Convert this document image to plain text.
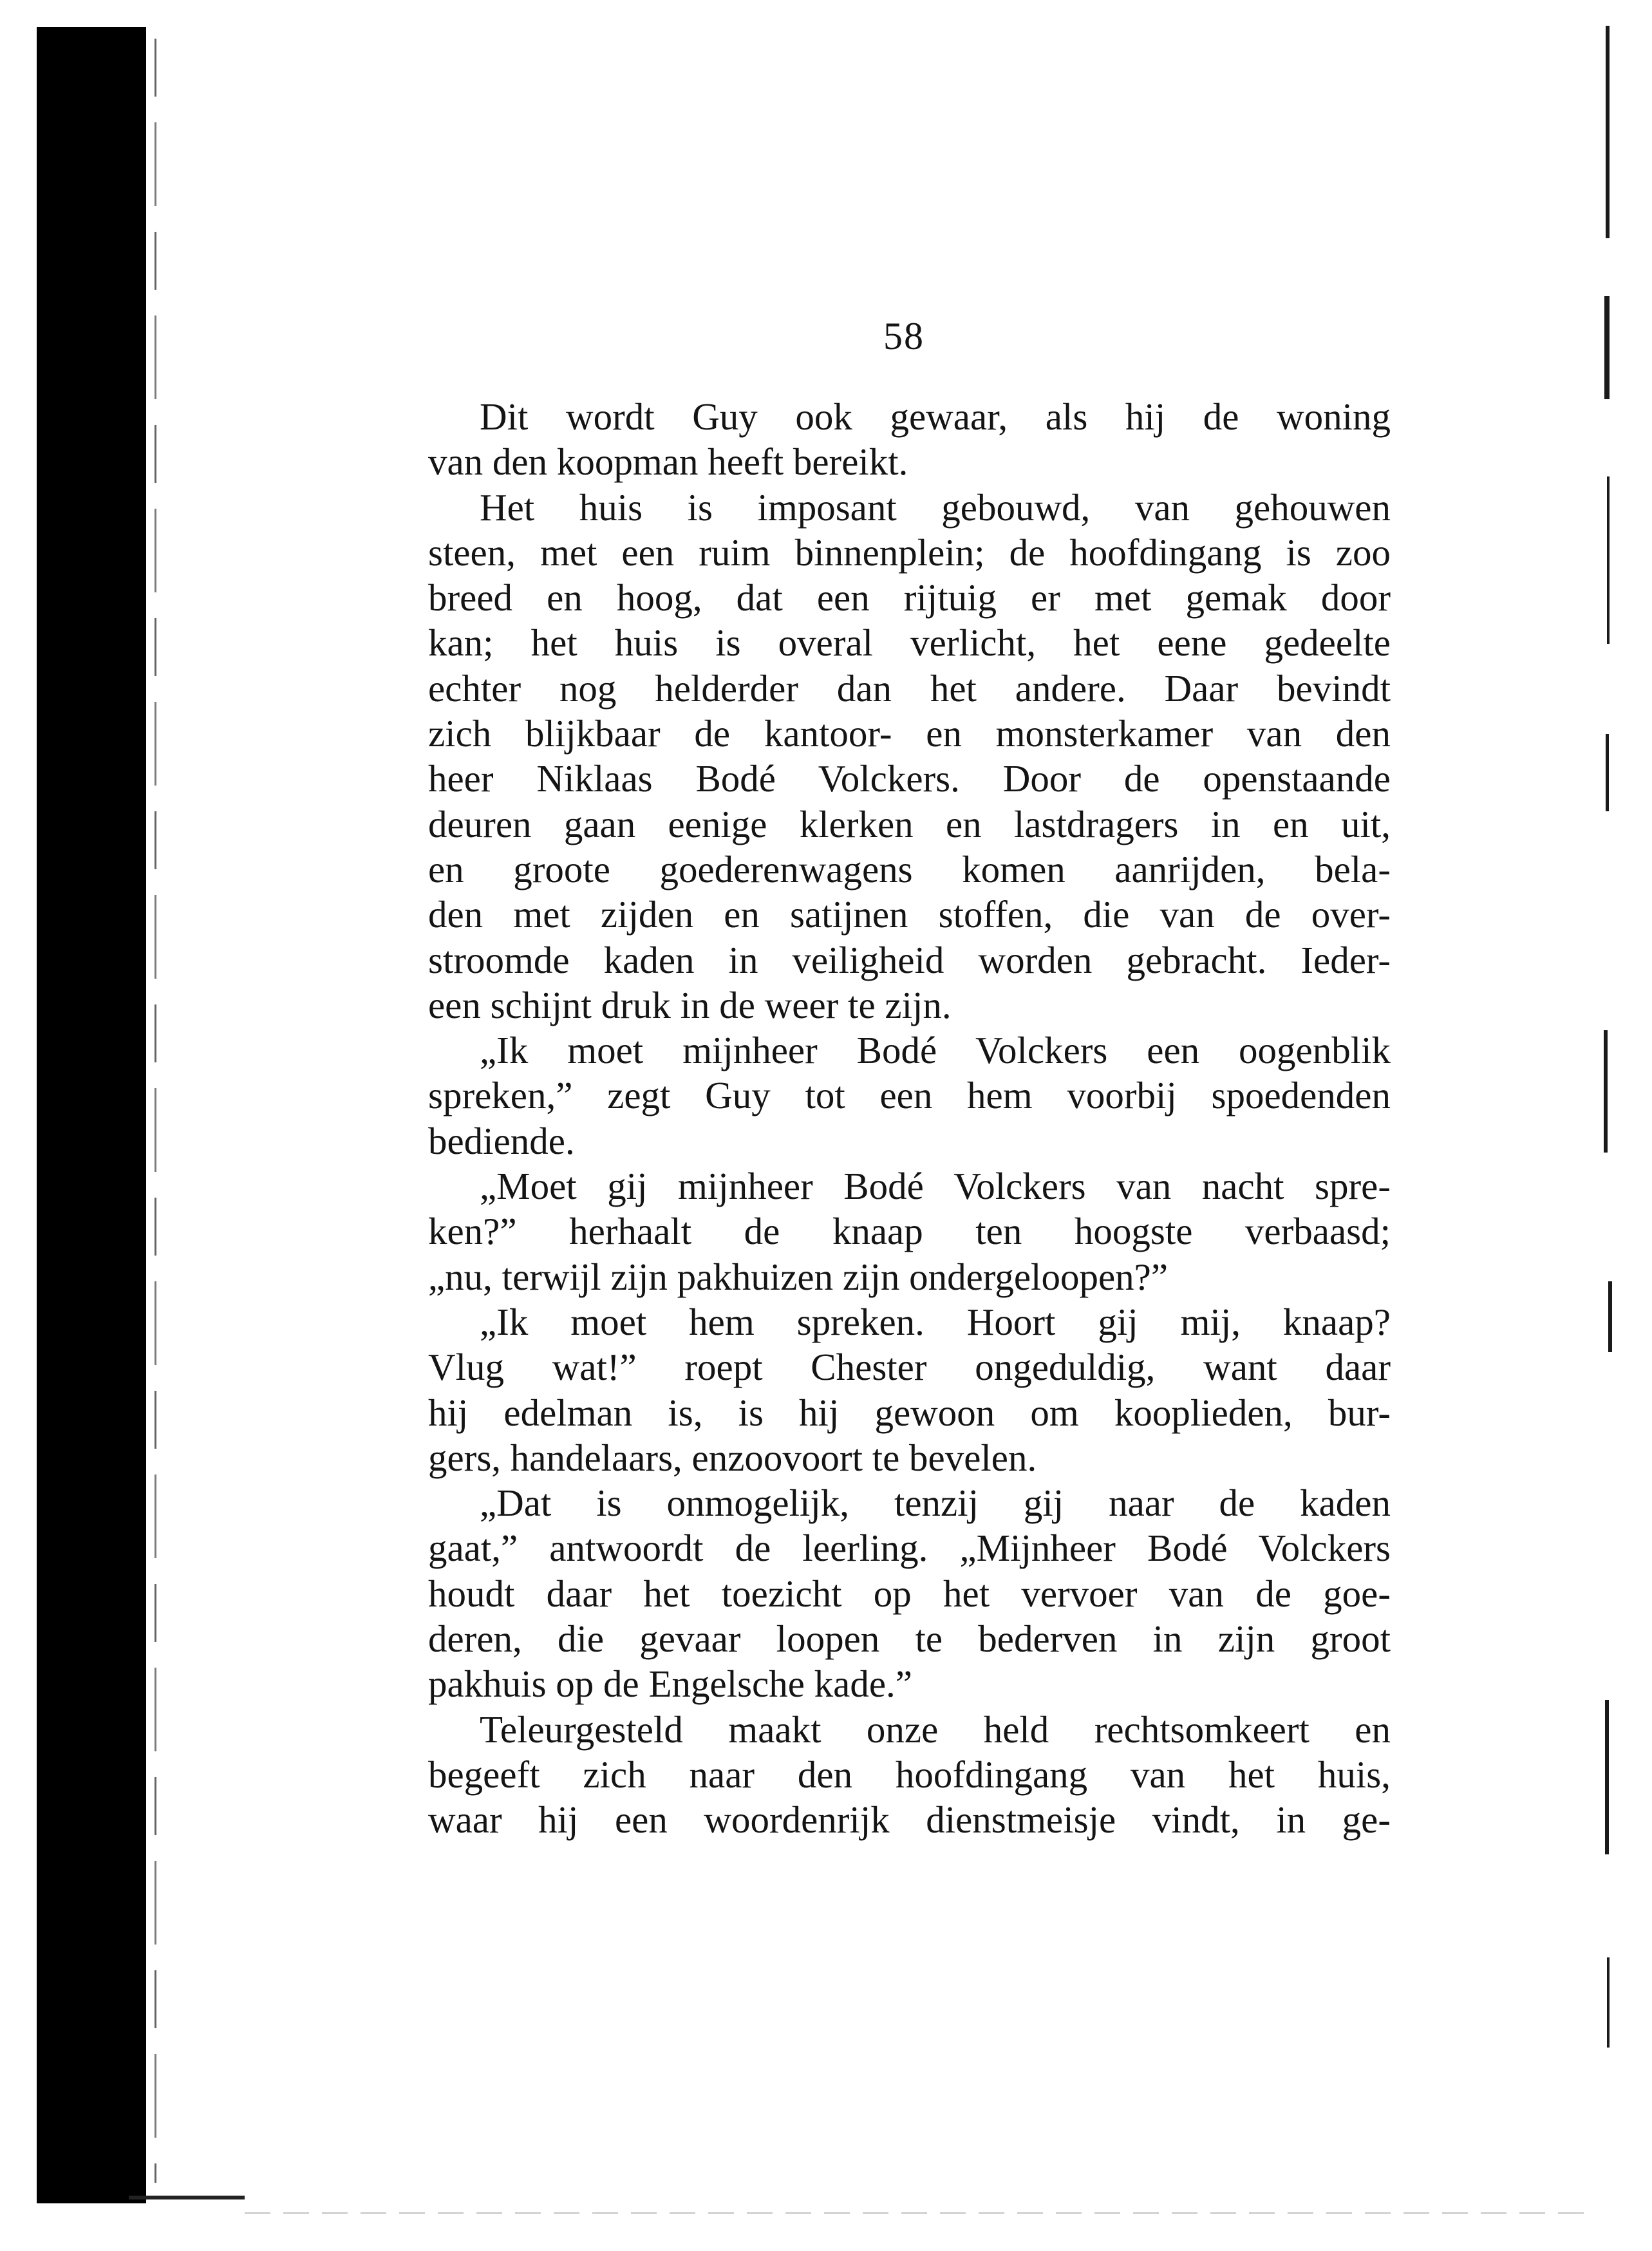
58
Dit wordt Guy ook gewaar, als hij de woning
van den koopman heeft bereikt.
Het huis is imposant gebouwd, van gehouwen
steen, met een ruim binnenplein; de hoofdingang is zoo
breed en hoog, dat een rijtuig er met gemak door
kan; het huis is overal verlicht, het eene gedeelte
echter nog helderder dan het andere. Daar bevindt
zich blijkbaar de kantoor- en monsterkamer van den
heer Niklaas Bodé Volckers. Door de openstaande
deuren gaan eenige klerken en lastdragers in en uit,
en groote goederenwagens komen aanrijden, bela-
den met zijden en satijnen stoffen, die van de over-
stroomde kaden in veiligheid worden gebracht. Ieder-
een schijnt druk in de weer te zijn.
„Ik moet mijnheer Bodé Volckers een oogenblik
spreken,” zegt Guy tot een hem voorbij spoedenden
bediende.
„Moet gij mijnheer Bodé Volckers van nacht spre-
ken?” herhaalt de knaap ten hoogste verbaasd;
„nu, terwijl zijn pakhuizen zijn ondergeloopen?”
„Ik moet hem spreken. Hoort gij mij, knaap?
Vlug wat!” roept Chester ongeduldig, want daar
hij edelman is, is hij gewoon om kooplieden, bur-
gers, handelaars, enzoovoort te bevelen.
„Dat is onmogelijk, tenzij gij naar de kaden
gaat,” antwoordt de leerling. „Mijnheer Bodé Volckers
houdt daar het toezicht op het vervoer van de goe-
deren, die gevaar loopen te bederven in zijn groot
pakhuis op de Engelsche kade.”
Teleurgesteld maakt onze held rechtsomkeert en
begeeft zich naar den hoofdingang van het huis,
waar hij een woordenrijk dienstmeisje vindt, in ge-
